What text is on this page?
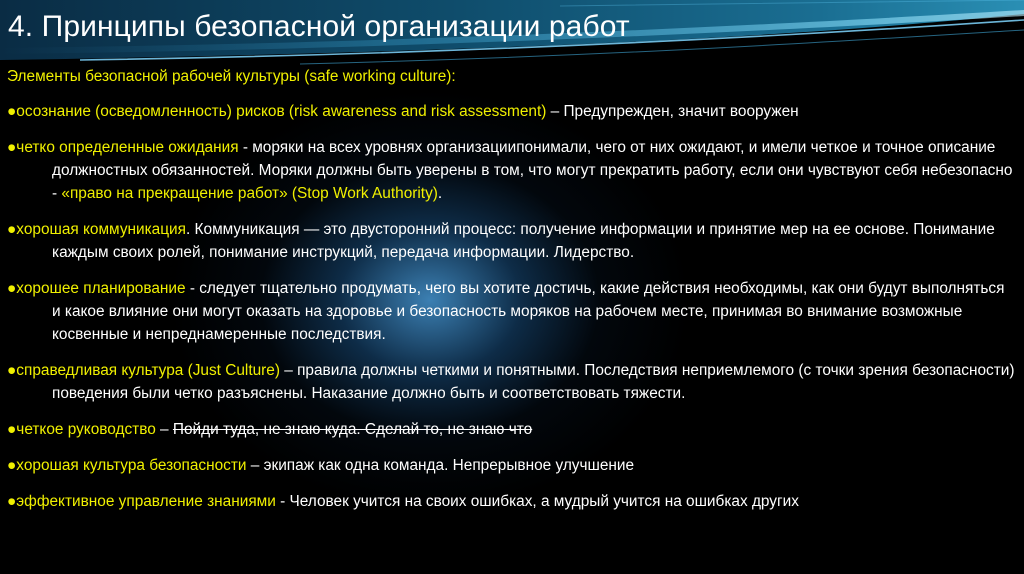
4. Принципы безопасной организации работ

Элементы безопасной рабочей культуры (safe working culture):

●осознание (осведомленность) рисков (risk awareness and risk assessment) – Предупрежден, значит вооружен

●четко определенные ожидания - моряки на всех уровнях организациипонимали, чего от них ожидают, и имели четкое и точное описание должностных обязанностей. Моряки должны быть уверены в том, что могут прекратить работу, если они чувствуют себя небезопасно - «право на прекращение работ» (Stop Work Authority).

●хорошая коммуникация. Коммуникация — это двусторонний процесс: получение информации и принятие мер на ее основе. Понимание каждым своих ролей, понимание инструкций, передача информации. Лидерство.

●хорошее планирование - следует тщательно продумать, чего вы хотите достичь, какие действия необходимы, как они будут выполняться и какое влияние они могут оказать на здоровье и безопасность моряков на рабочем месте, принимая во внимание возможные косвенные и непреднамеренные последствия.

●справедливая культура (Just Culture) – правила должны четкими и понятными. Последствия неприемлемого (с точки зрения безопасности) поведения были четко разъяснены. Наказание должно быть и соответствовать тяжести.

●четкое руководство – Пойди туда, не знаю куда. Сделай то, не знаю что

●хорошая культура безопасности – экипаж как одна команда. Непрерывное улучшение

●эффективное управление знаниями - Человек учится на своих ошибках, а мудрый учится на ошибках других
